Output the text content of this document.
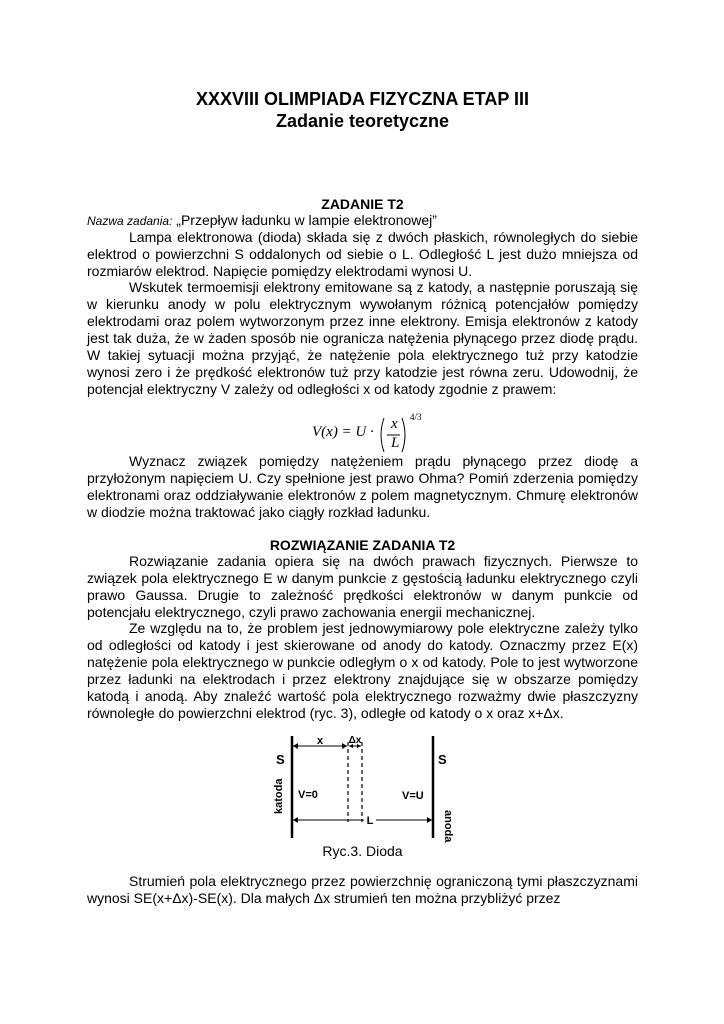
XXXVIII OLIMPIADA FIZYCZNA ETAP III
Zadanie teoretyczne
ZADANIE T2
Nazwa zadania: „Przepływ ładunku w lampie elektronowej”

Lampa elektronowa (dioda) składa się z dwóch płaskich, równoległych do siebie elektrod o powierzchni S oddalonych od siebie o L. Odległość L jest dużo mniejsza od rozmiarów elektrod. Napięcie pomiędzy elektrodami wynosi U.

Wskutek termoemisji elektrony emitowane są z katody, a następnie poruszają się w kierunku anody w polu elektrycznym wywołanym różnicą potencjałów pomiędzy elektrodami oraz polem wytworzonym przez inne elektrony. Emisja elektronów z katody jest tak duża, że w żaden sposób nie ogranicza natężenia płynącego przez diodę prądu. W takiej sytuacji można przyjąć, że natężenie pola elektrycznego tuż przy katodzie wynosi zero i że prędkość elektronów tuż przy katodzie jest równa zeru. Udowodnij, że potencjał elektryczny V zależy od odległości x od katody zgodnie z prawem:

V(x) = U · x
L
4/3

Wyznacz związek pomiędzy natężeniem prądu płynącego przez diodę a przyłożonym napięciem U. Czy spełnione jest prawo Ohma? Pomiń zderzenia pomiędzy elektronami oraz oddziaływanie elektronów z polem magnetycznym. Chmurę elektronów w diodzie można traktować jako ciągły rozkład ładunku.

ROZWIĄZANIE ZADANIA T2

Rozwiązanie zadania opiera się na dwóch prawach fizycznych. Pierwsze to związek pola elektrycznego E w danym punkcie z gęstością ładunku elektrycznego czyli prawo Gaussa. Drugie to zależność prędkości elektronów w danym punkcie od potencjału elektrycznego, czyli prawo zachowania energii mechanicznej.

Ze względu na to, że problem jest jednowymiarowy pole elektryczne zależy tylko od odległości od katody i jest skierowane od anody do katody. Oznaczmy przez E(x) natężenie pola elektrycznego w punkcie odległym o x od katody. Pole to jest wytworzone przez ładunki na elektrodach i przez elektrony znajdujące się w obszarze pomiędzy katodą i anodą. Aby znaleźć wartość pola elektrycznego rozważmy dwie płaszczyzny równoległe do powierzchni elektrod (ryc. 3), odległe od katody o x oraz x+Δx.

x	Δx
S	S
katoda
anoda
V=0	V=U
L
Ryc.3. Dioda

Strumień pola elektrycznego przez powierzchnię ograniczoną tymi płaszczyznami wynosi SE(x+Δx)-SE(x). Dla małych Δx strumień ten można przybliżyć przez
